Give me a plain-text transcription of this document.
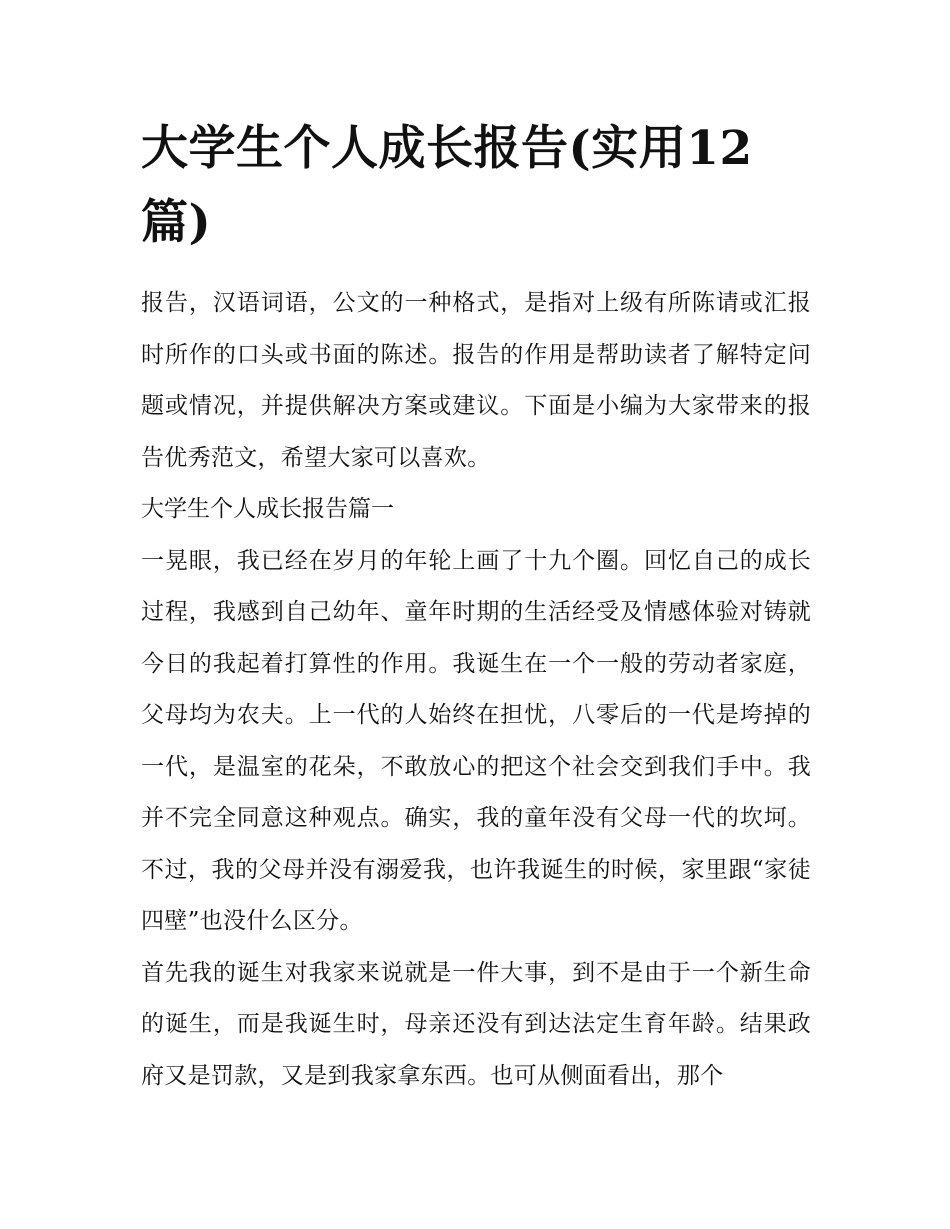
大学生个人成长报告(实用12篇)

报告，汉语词语，公文的一种格式，是指对上级有所陈请或汇报时所作的口头或书面的陈述。报告的作用是帮助读者了解特定问题或情况，并提供解决方案或建议。下面是小编为大家带来的报告优秀范文，希望大家可以喜欢。

大学生个人成长报告篇一

一晃眼，我已经在岁月的年轮上画了十九个圈。回忆自己的成长过程，我感到自己幼年、童年时期的生活经受及情感体验对铸就今日的我起着打算性的作用。我诞生在一个一般的劳动者家庭，父母均为农夫。上一代的人始终在担忧，八零后的一代是垮掉的一代，是温室的花朵，不敢放心的把这个社会交到我们手中。我并不完全同意这种观点。确实，我的童年没有父母一代的坎坷。不过，我的父母并没有溺爱我，也许我诞生的时候，家里跟“家徒四壁”也没什么区分。

首先我的诞生对我家来说就是一件大事，到不是由于一个新生命的诞生，而是我诞生时，母亲还没有到达法定生育年龄。结果政府又是罚款，又是到我家拿东西。也可从侧面看出，那个
